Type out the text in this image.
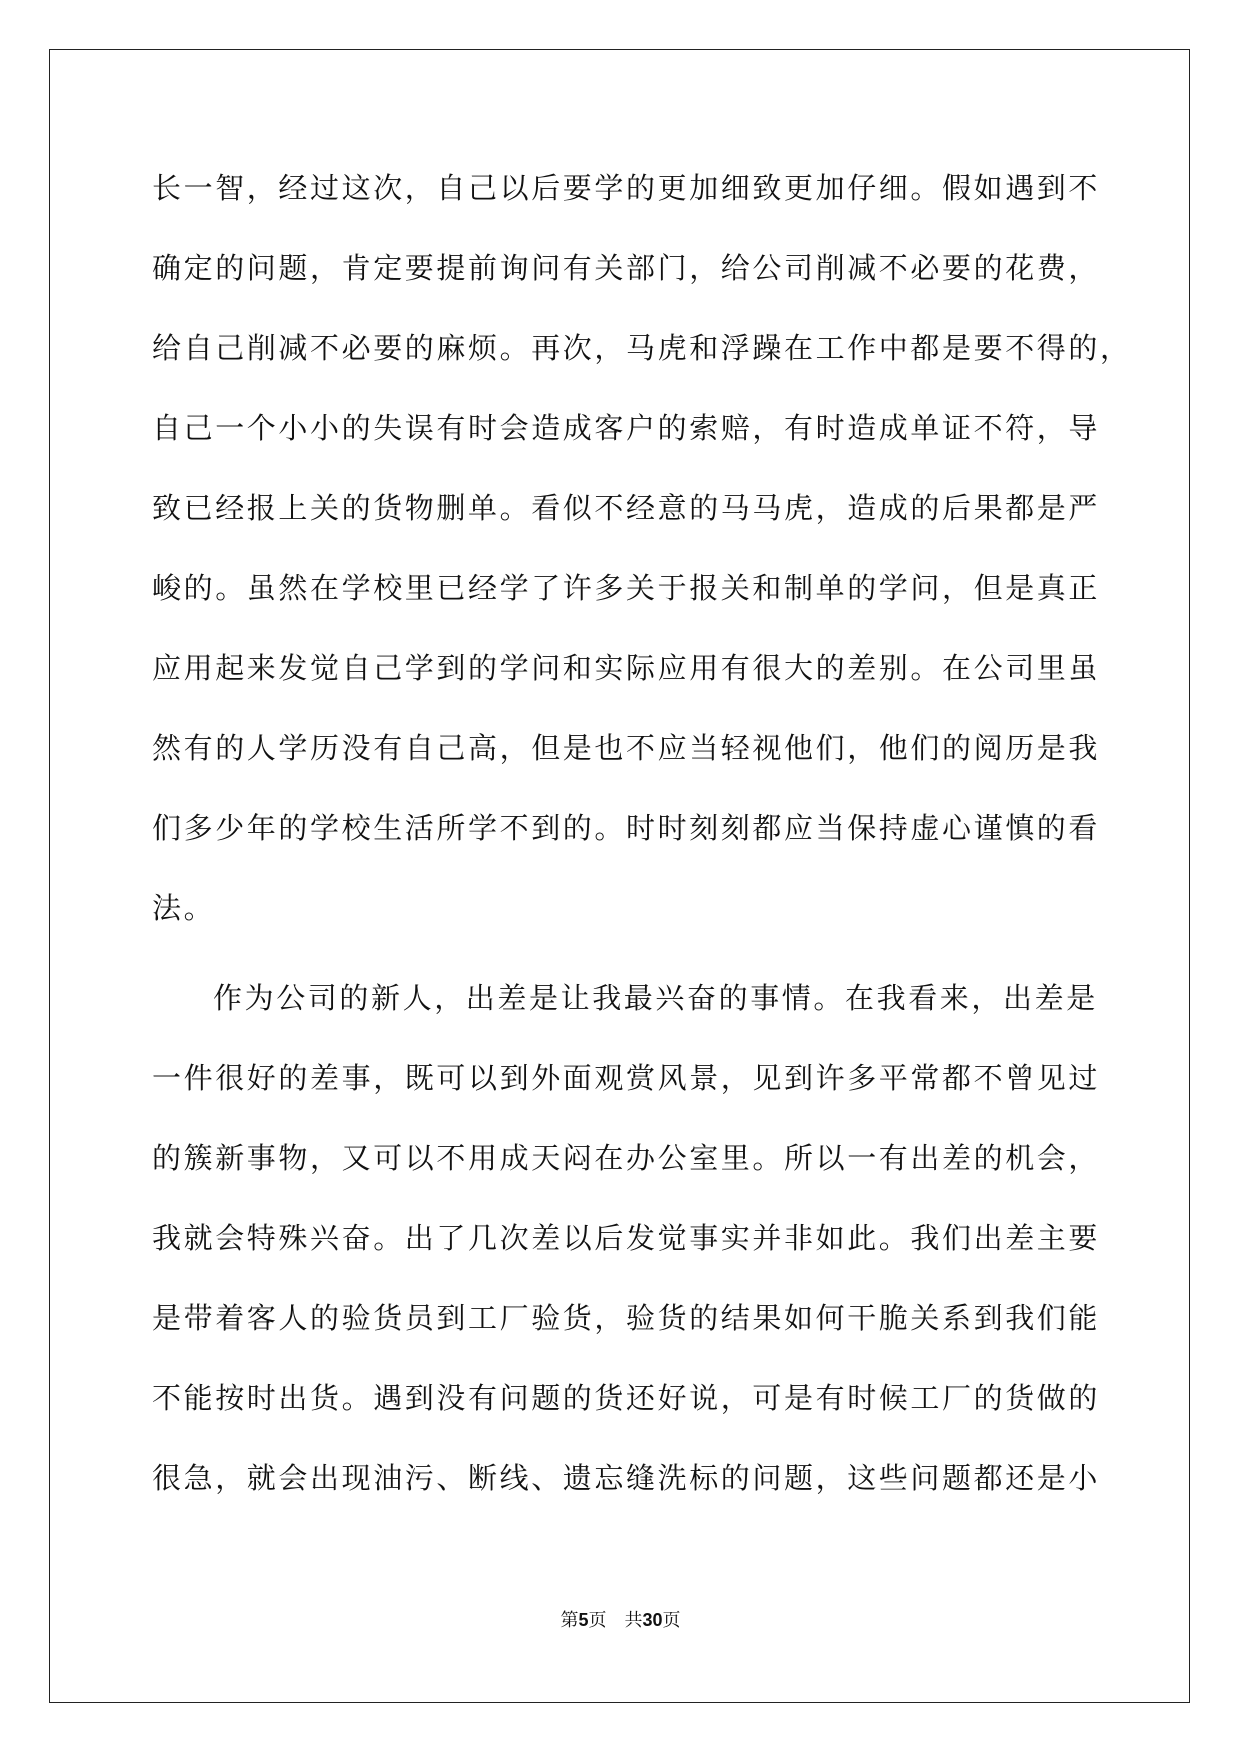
长一智，经过这次，自己以后要学的更加细致更加仔细。假如遇到不
确定的问题，肯定要提前询问有关部门，给公司削减不必要的花费，
给自己削减不必要的麻烦。再次，马虎和浮躁在工作中都是要不得的，
自己一个小小的失误有时会造成客户的索赔，有时造成单证不符，导
致已经报上关的货物删单。看似不经意的马马虎，造成的后果都是严
峻的。虽然在学校里已经学了许多关于报关和制单的学问，但是真正
应用起来发觉自己学到的学问和实际应用有很大的差别。在公司里虽
然有的人学历没有自己高，但是也不应当轻视他们，他们的阅历是我
们多少年的学校生活所学不到的。时时刻刻都应当保持虚心谨慎的看
法。
作为公司的新人，出差是让我最兴奋的事情。在我看来，出差是
一件很好的差事，既可以到外面观赏风景，见到许多平常都不曾见过
的簇新事物，又可以不用成天闷在办公室里。所以一有出差的机会，
我就会特殊兴奋。出了几次差以后发觉事实并非如此。我们出差主要
是带着客人的验货员到工厂验货，验货的结果如何干脆关系到我们能
不能按时出货。遇到没有问题的货还好说，可是有时候工厂的货做的
很急，就会出现油污、断线、遗忘缝洗标的问题，这些问题都还是小
第5页 共30页
